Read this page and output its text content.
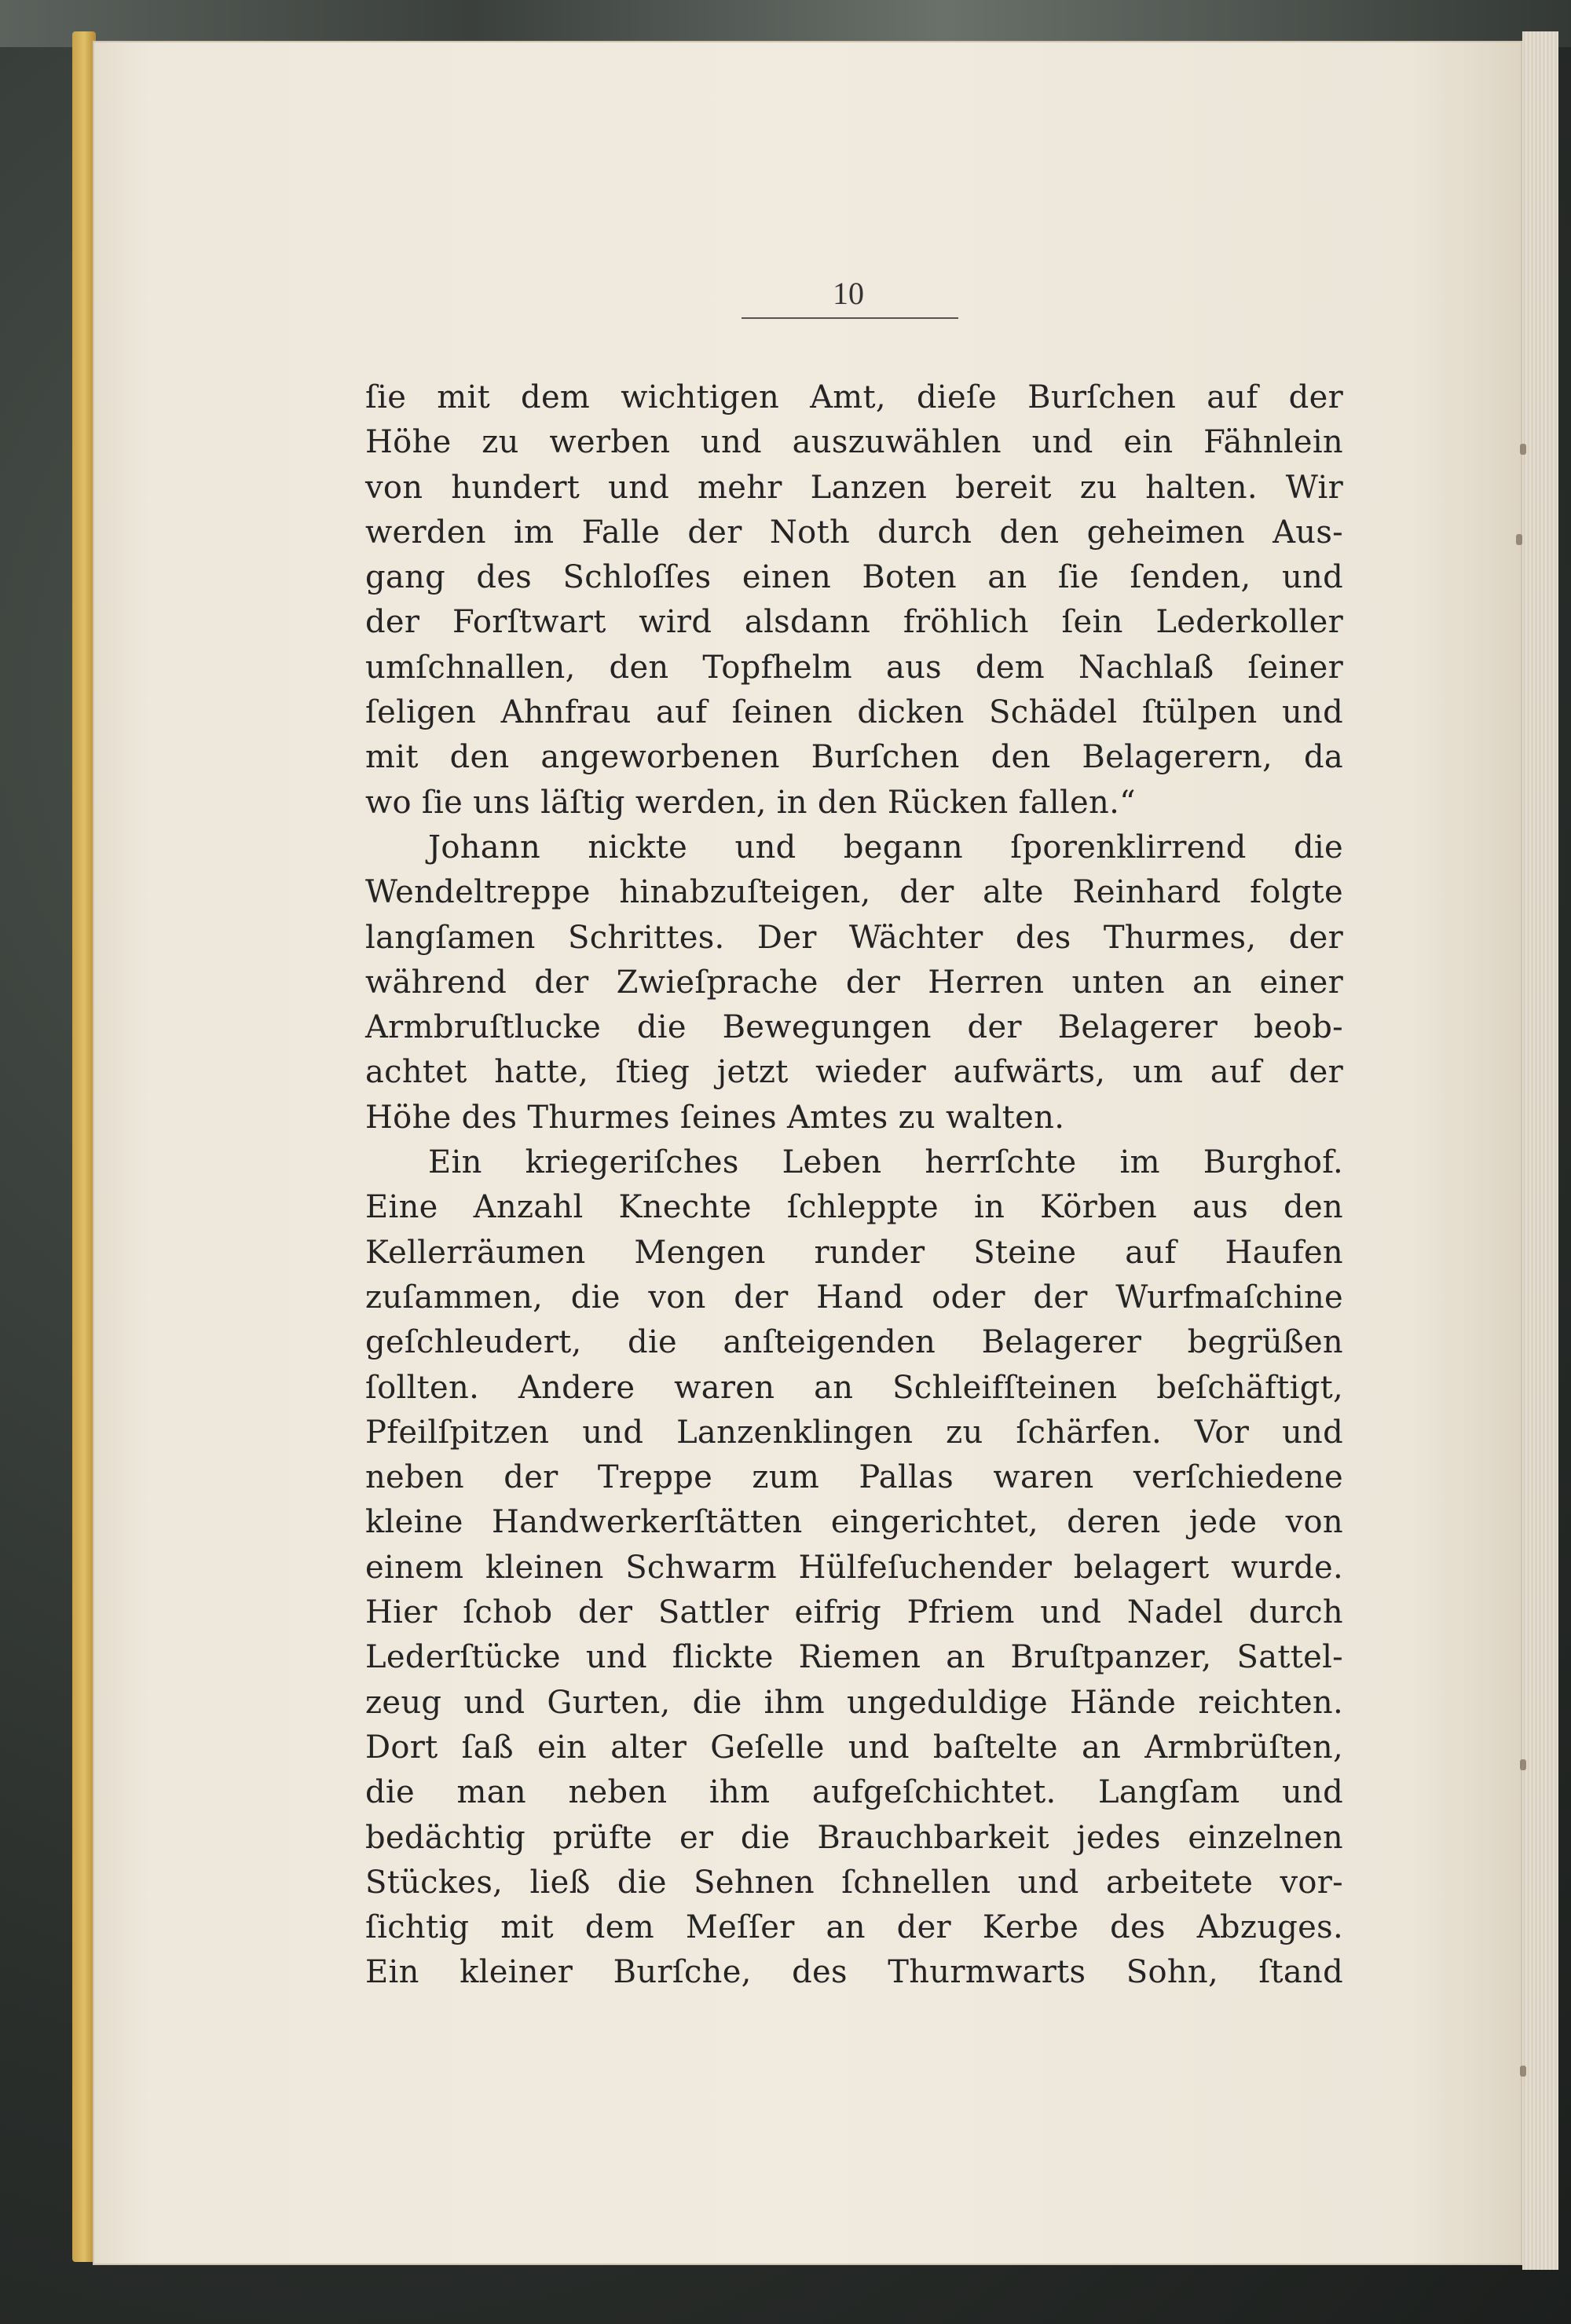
10
ſie mit dem wichtigen Amt, dieſe Burſchen auf der
Höhe zu werben und auszuwählen und ein Fähnlein
von hundert und mehr Lanzen bereit zu halten. Wir
werden im Falle der Noth durch den geheimen Aus-
gang des Schloſſes einen Boten an ſie ſenden, und
der Forſtwart wird alsdann fröhlich ſein Lederkoller
umſchnallen, den Topfhelm aus dem Nachlaß ſeiner
ſeligen Ahnfrau auf ſeinen dicken Schädel ſtülpen und
mit den angeworbenen Burſchen den Belagerern, da
wo ſie uns läſtig werden, in den Rücken fallen.“
Johann nickte und begann ſporenklirrend die
Wendeltreppe hinabzuſteigen, der alte Reinhard folgte
langſamen Schrittes. Der Wächter des Thurmes, der
während der Zwieſprache der Herren unten an einer
Armbruſtlucke die Bewegungen der Belagerer beob-
achtet hatte, ſtieg jetzt wieder aufwärts, um auf der
Höhe des Thurmes ſeines Amtes zu walten.
Ein kriegeriſches Leben herrſchte im Burghof.
Eine Anzahl Knechte ſchleppte in Körben aus den
Kellerräumen Mengen runder Steine auf Haufen
zuſammen, die von der Hand oder der Wurfmaſchine
geſchleudert, die anſteigenden Belagerer begrüßen
ſollten. Andere waren an Schleifſteinen beſchäftigt,
Pfeilſpitzen und Lanzenklingen zu ſchärfen. Vor und
neben der Treppe zum Pallas waren verſchiedene
kleine Handwerkerſtätten eingerichtet, deren jede von
einem kleinen Schwarm Hülfeſuchender belagert wurde.
Hier ſchob der Sattler eifrig Pfriem und Nadel durch
Lederſtücke und flickte Riemen an Bruſtpanzer, Sattel-
zeug und Gurten, die ihm ungeduldige Hände reichten.
Dort ſaß ein alter Geſelle und baſtelte an Armbrüſten,
die man neben ihm aufgeſchichtet. Langſam und
bedächtig prüfte er die Brauchbarkeit jedes einzelnen
Stückes, ließ die Sehnen ſchnellen und arbeitete vor-
ſichtig mit dem Meſſer an der Kerbe des Abzuges.
Ein kleiner Burſche, des Thurmwarts Sohn, ſtand
